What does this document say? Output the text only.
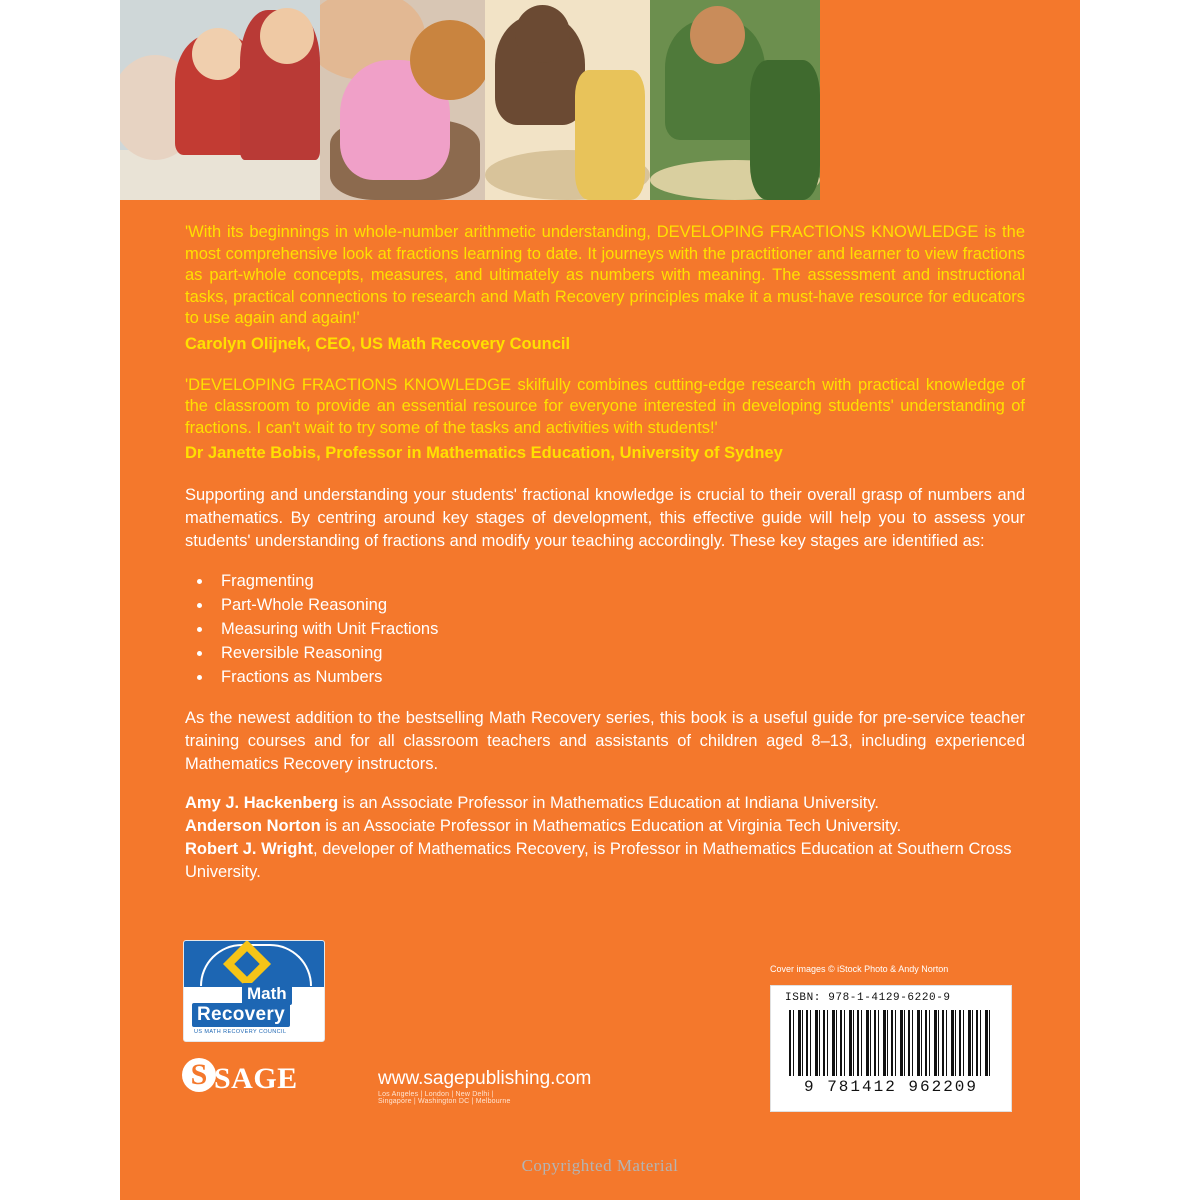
'With its beginnings in whole-number arithmetic understanding, DEVELOPING FRACTIONS KNOWLEDGE is the most comprehensive look at fractions learning to date. It journeys with the practitioner and learner to view fractions as part-whole concepts, measures, and ultimately as numbers with meaning. The assessment and instructional tasks, practical connections to research and Math Recovery principles make it a must-have resource for educators to use again and again!'

Carolyn Olijnek, CEO, US Math Recovery Council

'DEVELOPING FRACTIONS KNOWLEDGE skilfully combines cutting-edge research with practical knowledge of the classroom to provide an essential resource for everyone interested in developing students' understanding of fractions. I can't wait to try some of the tasks and activities with students!'

Dr Janette Bobis, Professor in Mathematics Education, University of Sydney

Supporting and understanding your students' fractional knowledge is crucial to their overall grasp of numbers and mathematics. By centring around key stages of development, this effective guide will help you to assess your students' understanding of fractions and modify your teaching accordingly. These key stages are identified as:

• Fragmenting
• Part-Whole Reasoning
• Measuring with Unit Fractions
• Reversible Reasoning
• Fractions as Numbers

As the newest addition to the bestselling Math Recovery series, this book is a useful guide for pre-service teacher training courses and for all classroom teachers and assistants of children aged 8–13, including experienced Mathematics Recovery instructors.

Amy J. Hackenberg is an Associate Professor in Mathematics Education at Indiana University.
Anderson Norton is an Associate Professor in Mathematics Education at Virginia Tech University.
Robert J. Wright, developer of Mathematics Recovery, is Professor in Mathematics Education at Southern Cross University.

Math
Recovery
US MATH RECOVERY COUNCIL
S SAGE	www.sagepublishing.com
Los Angeles | London | New Delhi | Singapore | Washington DC | Melbourne
Cover images © iStock Photo & Andy Norton
ISBN: 978-1-4129-6220-9
9 781412 962209
Copyrighted Material
